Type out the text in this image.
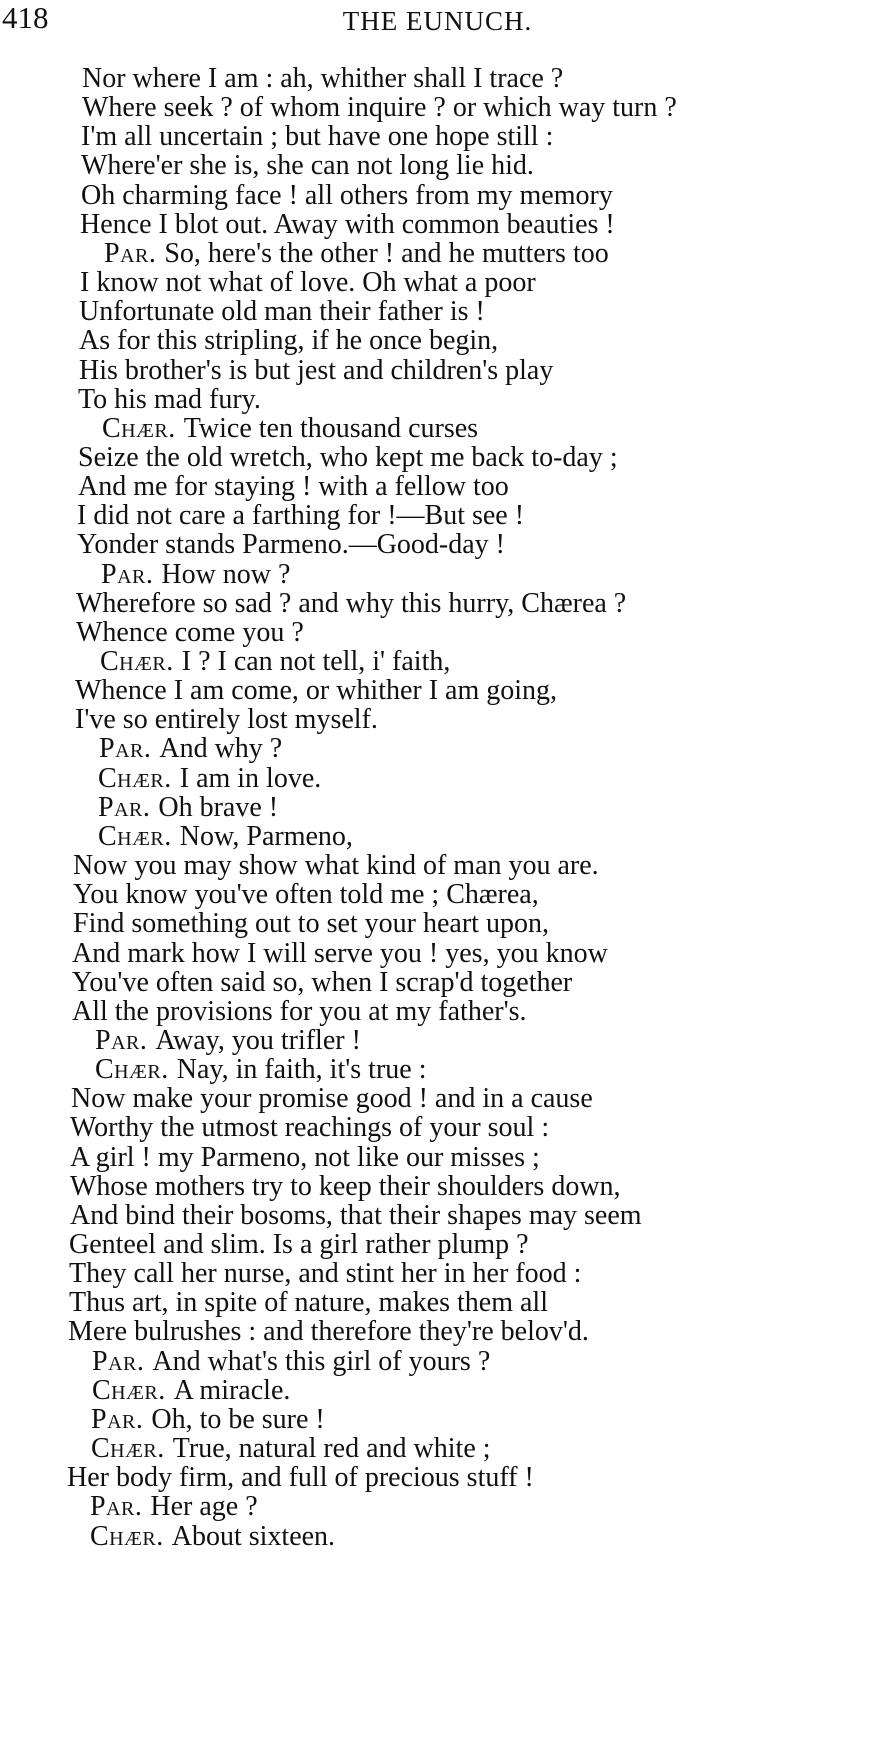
418	THE EUNUCH.
Nor where I am : ah, whither shall I trace ?
Where seek ? of whom inquire ? or which way turn ?
I'm all uncertain ; but have one hope still :
Where'er she is, she can not long lie hid.
Oh charming face ! all others from my memory
Hence I blot out. Away with common beauties !
Par. So, here's the other ! and he mutters too
I know not what of love. Oh what a poor
Unfortunate old man their father is !
As for this stripling, if he once begin,
His brother's is but jest and children's play
To his mad fury.
Chær. Twice ten thousand curses
Seize the old wretch, who kept me back to-day ;
And me for staying ! with a fellow too
I did not care a farthing for !—But see !
Yonder stands Parmeno.—Good-day !
Par. How now ?
Wherefore so sad ? and why this hurry, Chærea ?
Whence come you ?
Chær. I ? I can not tell, i' faith,
Whence I am come, or whither I am going,
I've so entirely lost myself.
Par. And why ?
Chær. I am in love.
Par. Oh brave !
Chær. Now, Parmeno,
Now you may show what kind of man you are.
You know you've often told me ; Chærea,
Find something out to set your heart upon,
And mark how I will serve you ! yes, you know
You've often said so, when I scrap'd together
All the provisions for you at my father's.
Par. Away, you trifler !
Chær. Nay, in faith, it's true :
Now make your promise good ! and in a cause
Worthy the utmost reachings of your soul :
A girl ! my Parmeno, not like our misses ;
Whose mothers try to keep their shoulders down,
And bind their bosoms, that their shapes may seem
Genteel and slim. Is a girl rather plump ?
They call her nurse, and stint her in her food :
Thus art, in spite of nature, makes them all
Mere bulrushes : and therefore they're belov'd.
Par. And what's this girl of yours ?
Chær. A miracle.
Par. Oh, to be sure !
Chær. True, natural red and white ;
Her body firm, and full of precious stuff !
Par. Her age ?
Chær. About sixteen.
